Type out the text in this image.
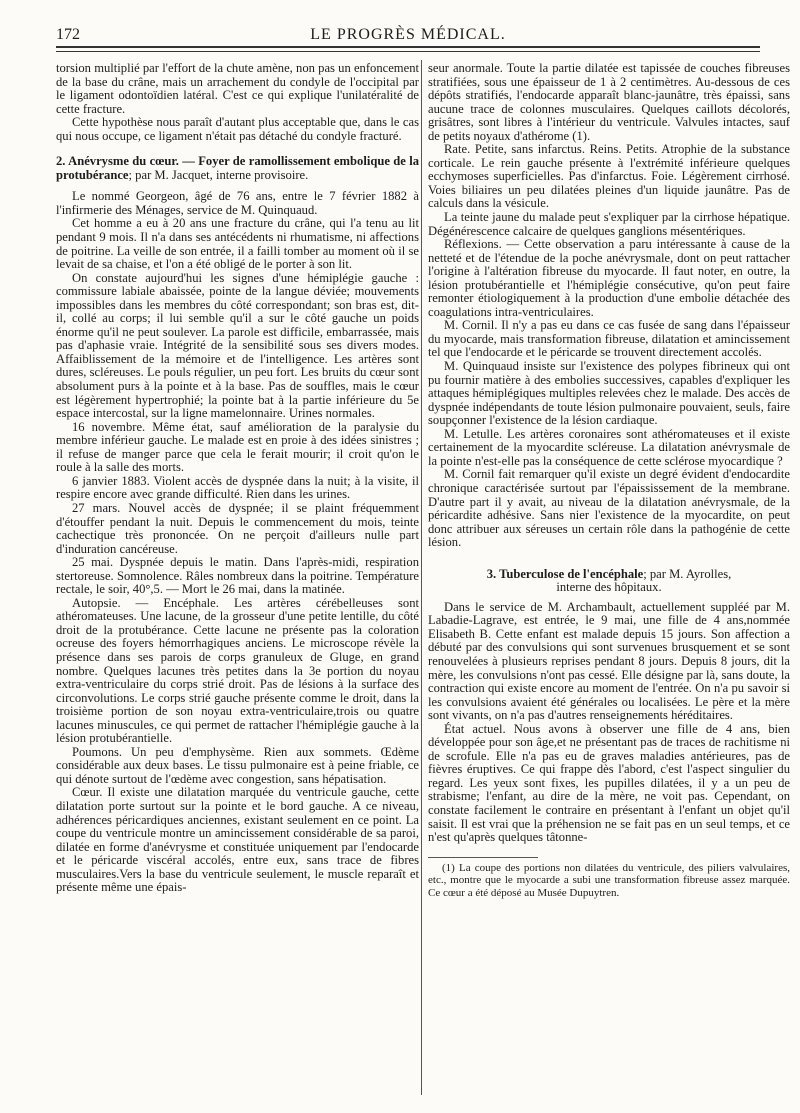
172	LE PROGRÈS MÉDICAL.

torsion multiplié par l'effort de la chute amène, non pas un enfoncement de la base du crâne, mais un arrachement du condyle de l'occipital par le ligament odontoïdien latéral. C'est ce qui explique l'unilatéralité de cette fracture.

Cette hypothèse nous paraît d'autant plus acceptable que, dans le cas qui nous occupe, ce ligament n'était pas détaché du condyle fracturé.

2. Anévrysme du cœur. — Foyer de ramollissement embolique de la protubérance; par M. Jacquet, interne provisoire.

Le nommé Georgeon, âgé de 76 ans, entre le 7 février 1882 à l'infirmerie des Ménages, service de M. Quinquaud.

Cet homme a eu à 20 ans une fracture du crâne, qui l'a tenu au lit pendant 9 mois. Il n'a dans ses antécédents ni rhumatisme, ni affections de poitrine. La veille de son entrée, il a failli tomber au moment où il se levait de sa chaise, et l'on a été obligé de le porter à son lit.

On constate aujourd'hui les signes d'une hémiplégie gauche : commissure labiale abaissée, pointe de la langue déviée; mouvements impossibles dans les membres du côté correspondant; son bras est, dit-il, collé au corps; il lui semble qu'il a sur le côté gauche un poids énorme qu'il ne peut soulever. La parole est difficile, embarrassée, mais pas d'aphasie vraie. Intégrité de la sensibilité sous ses divers modes. Affaiblissement de la mémoire et de l'intelligence. Les artères sont dures, scléreuses. Le pouls régulier, un peu fort. Les bruits du cœur sont absolument purs à la pointe et à la base. Pas de souffles, mais le cœur est légèrement hypertrophié; la pointe bat à la partie inférieure du 5e espace intercostal, sur la ligne mamelonnaire. Urines normales.

16 novembre. Même état, sauf amélioration de la paralysie du membre inférieur gauche. Le malade est en proie à des idées sinistres ; il refuse de manger parce que cela le ferait mourir; il croit qu'on le roule à la salle des morts.

6 janvier 1883. Violent accès de dyspnée dans la nuit; à la visite, il respire encore avec grande difficulté. Rien dans les urines.

27 mars. Nouvel accès de dyspnée; il se plaint fréquemment d'étouffer pendant la nuit. Depuis le commencement du mois, teinte cachectique très prononcée. On ne perçoit d'ailleurs nulle part d'induration cancéreuse.

25 mai. Dyspnée depuis le matin. Dans l'après-midi, respiration stertoreuse. Somnolence. Râles nombreux dans la poitrine. Température rectale, le soir, 40°,5. — Mort le 26 mai, dans la matinée.

Autopsie. — Encéphale. Les artères cérébelleuses sont athéromateuses. Une lacune, de la grosseur d'une petite lentille, du côté droit de la protubérance. Cette lacune ne présente pas la coloration ocreuse des foyers hémorrhagiques anciens. Le microscope révèle la présence dans ses parois de corps granuleux de Gluge, en grand nombre. Quelques lacunes très petites dans la 3e portion du noyau extra-ventriculaire du corps strié droit. Pas de lésions à la surface des circonvolutions. Le corps strié gauche présente comme le droit, dans la troisième portion de son noyau extra-ventriculaire,trois ou quatre lacunes minuscules, ce qui permet de rattacher l'hémiplégie gauche à la lésion protubérantielle.

Poumons. Un peu d'emphysème. Rien aux sommets. Œdème considérable aux deux bases. Le tissu pulmonaire est à peine friable, ce qui dénote surtout de l'œdème avec congestion, sans hépatisation.

Cœur. Il existe une dilatation marquée du ventricule gauche, cette dilatation porte surtout sur la pointe et le bord gauche. A ce niveau, adhérences péricardiques anciennes, existant seulement en ce point. La coupe du ventricule montre un amincissement considérable de sa paroi, dilatée en forme d'anévrysme et constituée uniquement par l'endocarde et le péricarde viscéral accolés, entre eux, sans trace de fibres musculaires.Vers la base du ventricule seulement, le muscle reparaît et présente même une épais-

seur anormale. Toute la partie dilatée est tapissée de couches fibreuses stratifiées, sous une épaisseur de 1 à 2 centimètres. Au-dessous de ces dépôts stratifiés, l'endocarde apparaît blanc-jaunâtre, très épaissi, sans aucune trace de colonnes musculaires. Quelques caillots décolorés, grisâtres, sont libres à l'intérieur du ventricule. Valvules intactes, sauf de petits noyaux d'athérome (1).

Rate. Petite, sans infarctus. Reins. Petits. Atrophie de la substance corticale. Le rein gauche présente à l'extrémité inférieure quelques ecchymoses superficielles. Pas d'infarctus. Foie. Légèrement cirrhosé. Voies biliaires un peu dilatées pleines d'un liquide jaunâtre. Pas de calculs dans la vésicule.

La teinte jaune du malade peut s'expliquer par la cirrhose hépatique. Dégénérescence calcaire de quelques ganglions mésentériques.

Réflexions. — Cette observation a paru intéressante à cause de la netteté et de l'étendue de la poche anévrysmale, dont on peut rattacher l'origine à l'altération fibreuse du myocarde. Il faut noter, en outre, la lésion protubérantielle et l'hémiplégie consécutive, qu'on peut faire remonter étiologiquement à la production d'une embolie détachée des coagulations intra-ventriculaires.

M. Cornil. Il n'y a pas eu dans ce cas fusée de sang dans l'épaisseur du myocarde, mais transformation fibreuse, dilatation et amincissement tel que l'endocarde et le péricarde se trouvent directement accolés.

M. Quinquaud insiste sur l'existence des polypes fibrineux qui ont pu fournir matière à des embolies successives, capables d'expliquer les attaques hémiplégiques multiples relevées chez le malade. Des accès de dyspnée indépendants de toute lésion pulmonaire pouvaient, seuls, faire soupçonner l'existence de la lésion cardiaque.

M. Letulle. Les artères coronaires sont athéromateuses et il existe certainement de la myocardite scléreuse. La dilatation anévrysmale de la pointe n'est-elle pas la conséquence de cette sclérose myocardique ?

M. Cornil fait remarquer qu'il existe un degré évident d'endocardite chronique caractérisée surtout par l'épaississement de la membrane. D'autre part il y avait, au niveau de la dilatation anévrysmale, de la péricardite adhésive. Sans nier l'existence de la myocardite, on peut donc attribuer aux séreuses un certain rôle dans la pathogénie de cette lésion.

3. Tuberculose de l'encéphale; par M. Ayrolles,
interne des hôpitaux.

Dans le service de M. Archambault, actuellement suppléé par M. Labadie-Lagrave, est entrée, le 9 mai, une fille de 4 ans,nommée Elisabeth B. Cette enfant est malade depuis 15 jours. Son affection a débuté par des convulsions qui sont survenues brusquement et se sont renouvelées à plusieurs reprises pendant 8 jours. Depuis 8 jours, dit la mère, les convulsions n'ont pas cessé. Elle désigne par là, sans doute, la contraction qui existe encore au moment de l'entrée. On n'a pu savoir si les convulsions avaient été générales ou localisées. Le père et la mère sont vivants, on n'a pas d'autres renseignements héréditaires.

État actuel. Nous avons à observer une fille de 4 ans, bien développée pour son âge,et ne présentant pas de traces de rachitisme ni de scrofule. Elle n'a pas eu de graves maladies antérieures, pas de fièvres éruptives. Ce qui frappe dès l'abord, c'est l'aspect singulier du regard. Les yeux sont fixes, les pupilles dilatées, il y a un peu de strabisme; l'enfant, au dire de la mère, ne voit pas. Cependant, on constate facilement le contraire en présentant à l'enfant un objet qu'il saisit. Il est vrai que la préhension ne se fait pas en un seul temps, et ce n'est qu'après quelques tâtonne-

(1) La coupe des portions non dilatées du ventricule, des piliers valvulaires, etc., montre que le myocarde a subi une transformation fibreuse assez marquée. Ce cœur a été déposé au Musée Dupuytren.
